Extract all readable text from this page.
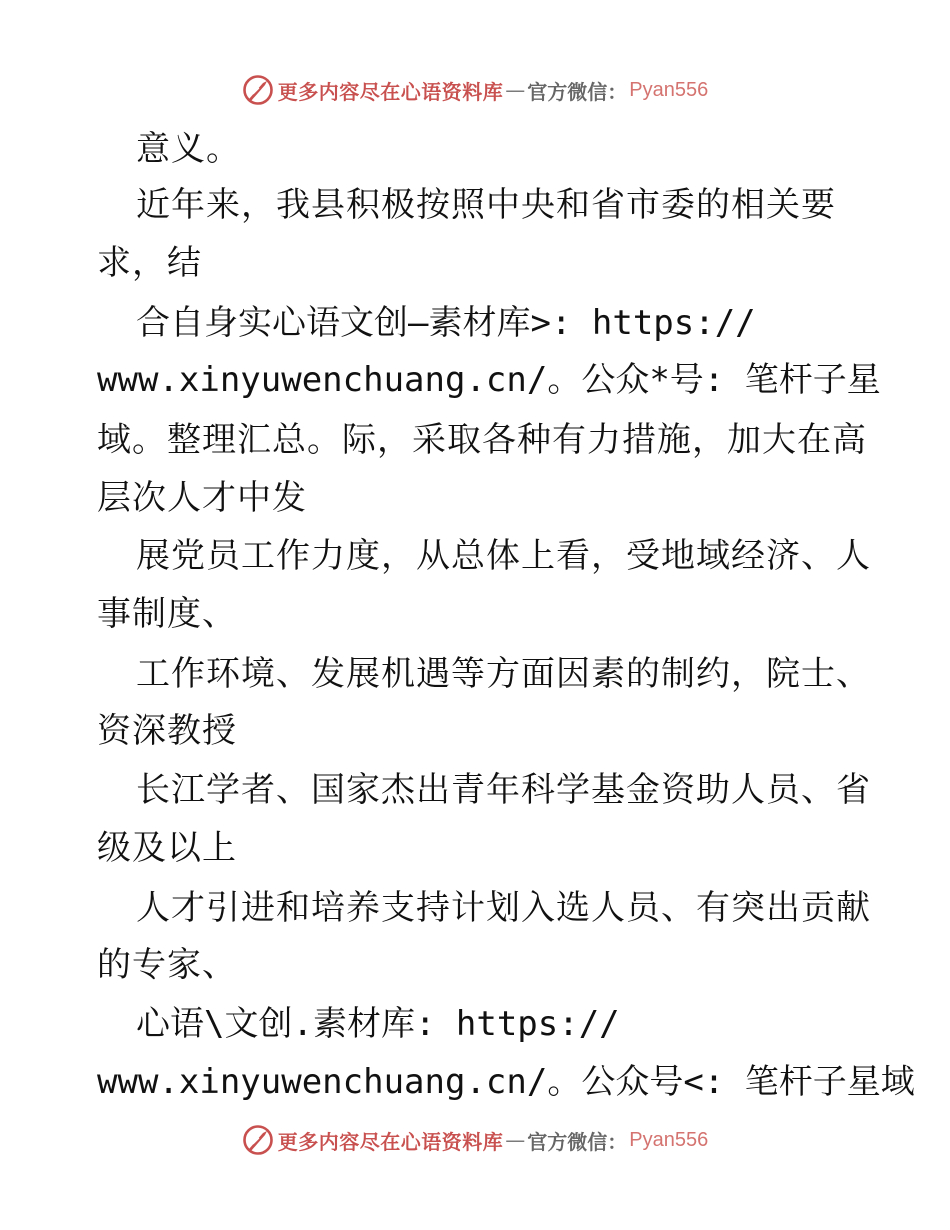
更多内容尽在心语资料库 — 官方微信： Pyan556
意义。
近年来，我县积极按照中央和省市委的相关要
求，结
合自身实心语文创—素材库>: https://
www.xinyuwenchuang.cn/。公众*号: 笔杆子星
域。整理汇总。际，采取各种有力措施，加大在高
层次人才中发
展党员工作力度，从总体上看，受地域经济、人
事制度、
工作环境、发展机遇等方面因素的制约，院士、
资深教授
长江学者、国家杰出青年科学基金资助人员、省
级及以上
人才引进和培养支持计划入选人员、有突出贡献
的专家、
心语\文创.素材库: https://
www.xinyuwenchuang.cn/。公众号<: 笔杆子星域
更多内容尽在心语资料库 — 官方微信： Pyan556
